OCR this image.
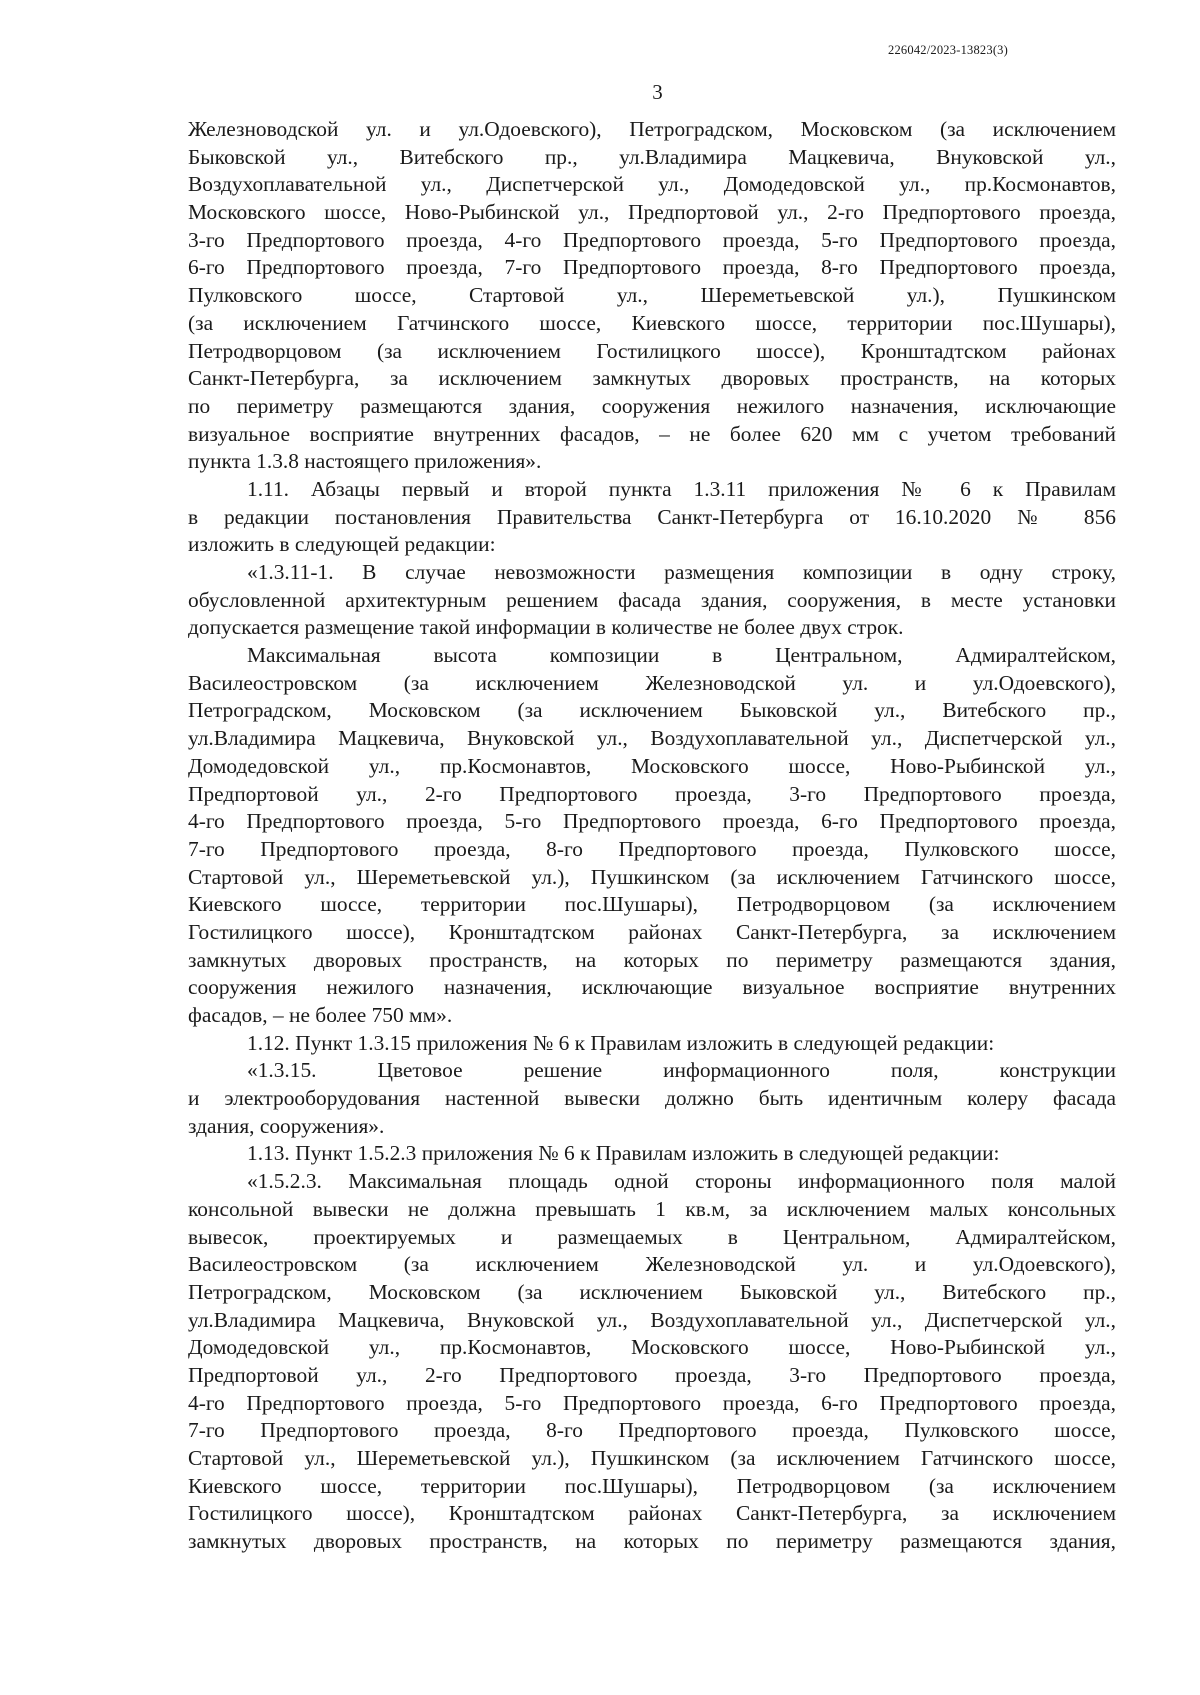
226042/2023-13823(3)
3
Железноводской ул. и ул.Одоевского), Петроградском, Московском (за исключением
Быковской ул., Витебского пр., ул.Владимира Мацкевича, Внуковской ул.,
Воздухоплавательной ул., Диспетчерской ул., Домодедовской ул., пр.Космонавтов,
Московского шоссе, Ново-Рыбинской ул., Предпортовой ул., 2-го Предпортового проезда,
3-го Предпортового проезда, 4-го Предпортового проезда, 5-го Предпортового проезда,
6-го Предпортового проезда, 7-го Предпортового проезда, 8-го Предпортового проезда,
Пулковского шоссе, Стартовой ул., Шереметьевской ул.), Пушкинском
(за исключением Гатчинского шоссе, Киевского шоссе, территории пос.Шушары),
Петродворцовом (за исключением Гостилицкого шоссе), Кронштадтском районах
Санкт-Петербурга, за исключением замкнутых дворовых пространств, на которых
по периметру размещаются здания, сооружения нежилого назначения, исключающие
визуальное восприятие внутренних фасадов, – не более 620 мм с учетом требований
пункта 1.3.8 настоящего приложения».
1.11. Абзацы первый и второй пункта 1.3.11 приложения № 6 к Правилам
в редакции постановления Правительства Санкт-Петербурга от 16.10.2020 № 856
изложить в следующей редакции:
«1.3.11-1. В случае невозможности размещения композиции в одну строку,
обусловленной архитектурным решением фасада здания, сооружения, в месте установки
допускается размещение такой информации в количестве не более двух строк.
Максимальная высота композиции в Центральном, Адмиралтейском,
Василеостровском (за исключением Железноводской ул. и ул.Одоевского),
Петроградском, Московском (за исключением Быковской ул., Витебского пр.,
ул.Владимира Мацкевича, Внуковской ул., Воздухоплавательной ул., Диспетчерской ул.,
Домодедовской ул., пр.Космонавтов, Московского шоссе, Ново-Рыбинской ул.,
Предпортовой ул., 2-го Предпортового проезда, 3-го Предпортового проезда,
4-го Предпортового проезда, 5-го Предпортового проезда, 6-го Предпортового проезда,
7-го Предпортового проезда, 8-го Предпортового проезда, Пулковского шоссе,
Стартовой ул., Шереметьевской ул.), Пушкинском (за исключением Гатчинского шоссе,
Киевского шоссе, территории пос.Шушары), Петродворцовом (за исключением
Гостилицкого шоссе), Кронштадтском районах Санкт-Петербурга, за исключением
замкнутых дворовых пространств, на которых по периметру размещаются здания,
сооружения нежилого назначения, исключающие визуальное восприятие внутренних
фасадов, – не более 750 мм».
1.12. Пункт 1.3.15 приложения № 6 к Правилам изложить в следующей редакции:
«1.3.15. Цветовое решение информационного поля, конструкции
и электрооборудования настенной вывески должно быть идентичным колеру фасада
здания, сооружения».
1.13. Пункт 1.5.2.3 приложения № 6 к Правилам изложить в следующей редакции:
«1.5.2.3. Максимальная площадь одной стороны информационного поля малой
консольной вывески не должна превышать 1 кв.м, за исключением малых консольных
вывесок, проектируемых и размещаемых в Центральном, Адмиралтейском,
Василеостровском (за исключением Железноводской ул. и ул.Одоевского),
Петроградском, Московском (за исключением Быковской ул., Витебского пр.,
ул.Владимира Мацкевича, Внуковской ул., Воздухоплавательной ул., Диспетчерской ул.,
Домодедовской ул., пр.Космонавтов, Московского шоссе, Ново-Рыбинской ул.,
Предпортовой ул., 2-го Предпортового проезда, 3-го Предпортового проезда,
4-го Предпортового проезда, 5-го Предпортового проезда, 6-го Предпортового проезда,
7-го Предпортового проезда, 8-го Предпортового проезда, Пулковского шоссе,
Стартовой ул., Шереметьевской ул.), Пушкинском (за исключением Гатчинского шоссе,
Киевского шоссе, территории пос.Шушары), Петродворцовом (за исключением
Гостилицкого шоссе), Кронштадтском районах Санкт-Петербурга, за исключением
замкнутых дворовых пространств, на которых по периметру размещаются здания,
